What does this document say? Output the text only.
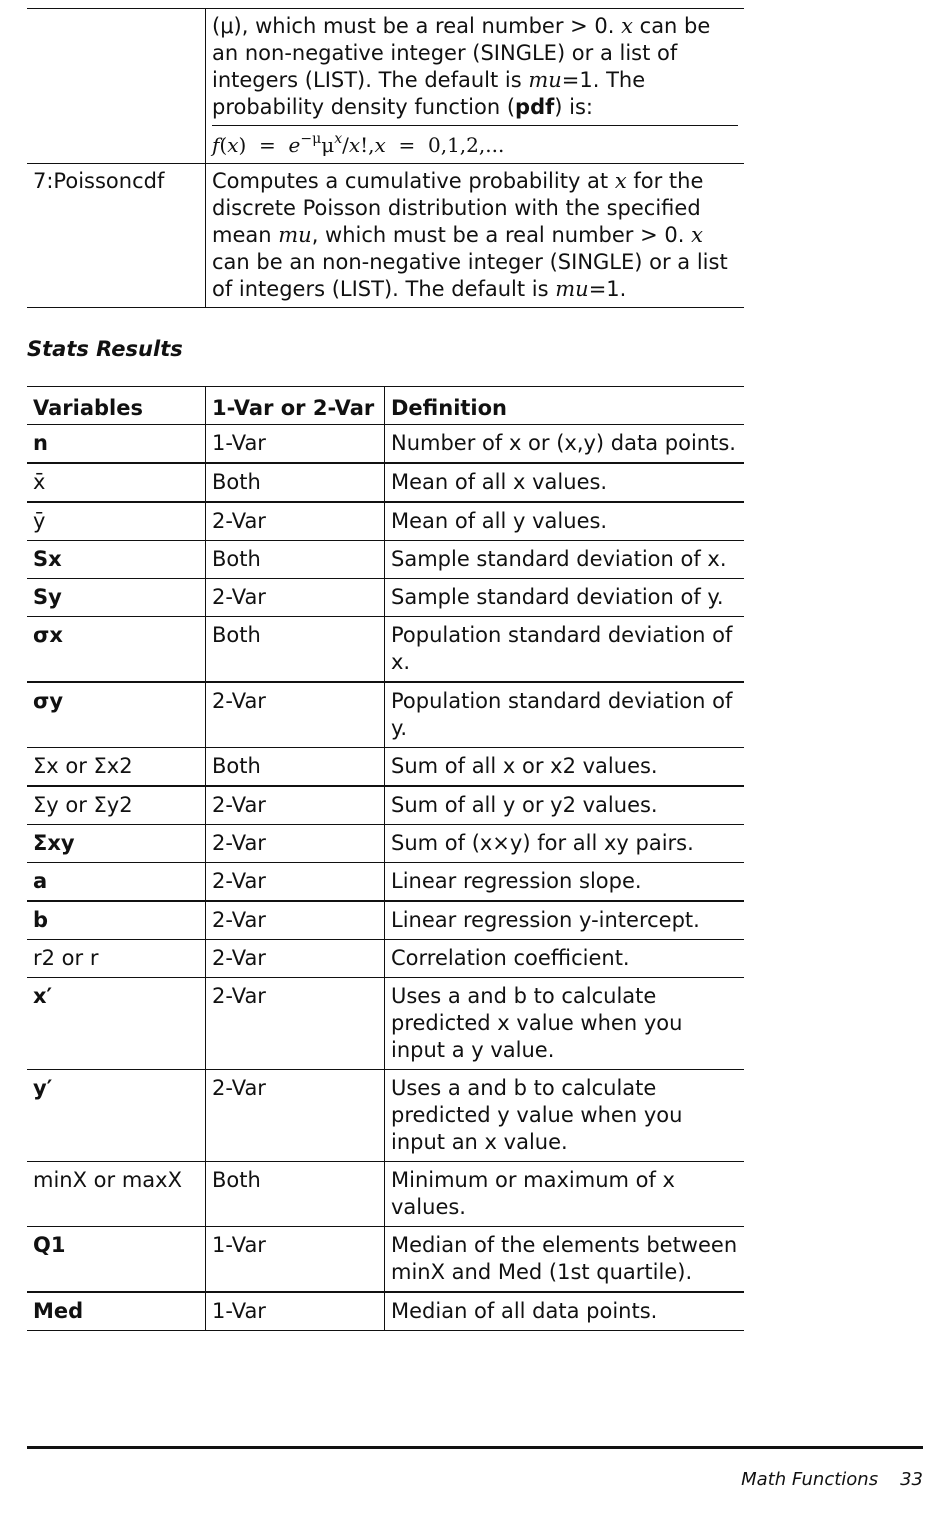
	(μ), which must be a real number > 0. x can be an non-negative integer (SINGLE) or a list of integers (LIST). The default is mu=1. The probability density function (pdf) is:
$f(x) = e^{-\mu}\mu^x/x!,x = 0,1,2$,...

7:Poissoncdf	Computes a cumulative probability at x for the discrete Poisson distribution with the specified mean mu, which must be a real number > 0. x can be an non-negative integer (SINGLE) or a list of integers (LIST). The default is mu=1.
Stats Results
Variables	1-Var or 2-Var	Definition
n	1-Var	Number of x or (x,y) data points.
x̄	Both	Mean of all x values.
ȳ	2-Var	Mean of all y values.
Sx	Both	Sample standard deviation of x.
Sy	2-Var	Sample standard deviation of y.
σx	Both	Population standard deviation of x.
σy	2-Var	Population standard deviation of y.
Σx or Σx2	Both	Sum of all x or x2 values.
Σy or Σy2	2-Var	Sum of all y or y2 values.
Σxy	2-Var	Sum of (x×y) for all xy pairs.
a	2-Var	Linear regression slope.
b	2-Var	Linear regression y-intercept.
r2 or r	2-Var	Correlation coefficient.
x′	2-Var	Uses a and b to calculate predicted x value when you input a y value.
y′	2-Var	Uses a and b to calculate predicted y value when you input an x value.
minX or maxX	Both	Minimum or maximum of x values.
Q1	1-Var	Median of the elements between minX and Med (1st quartile).
Med	1-Var	Median of all data points.
Math Functions 33
